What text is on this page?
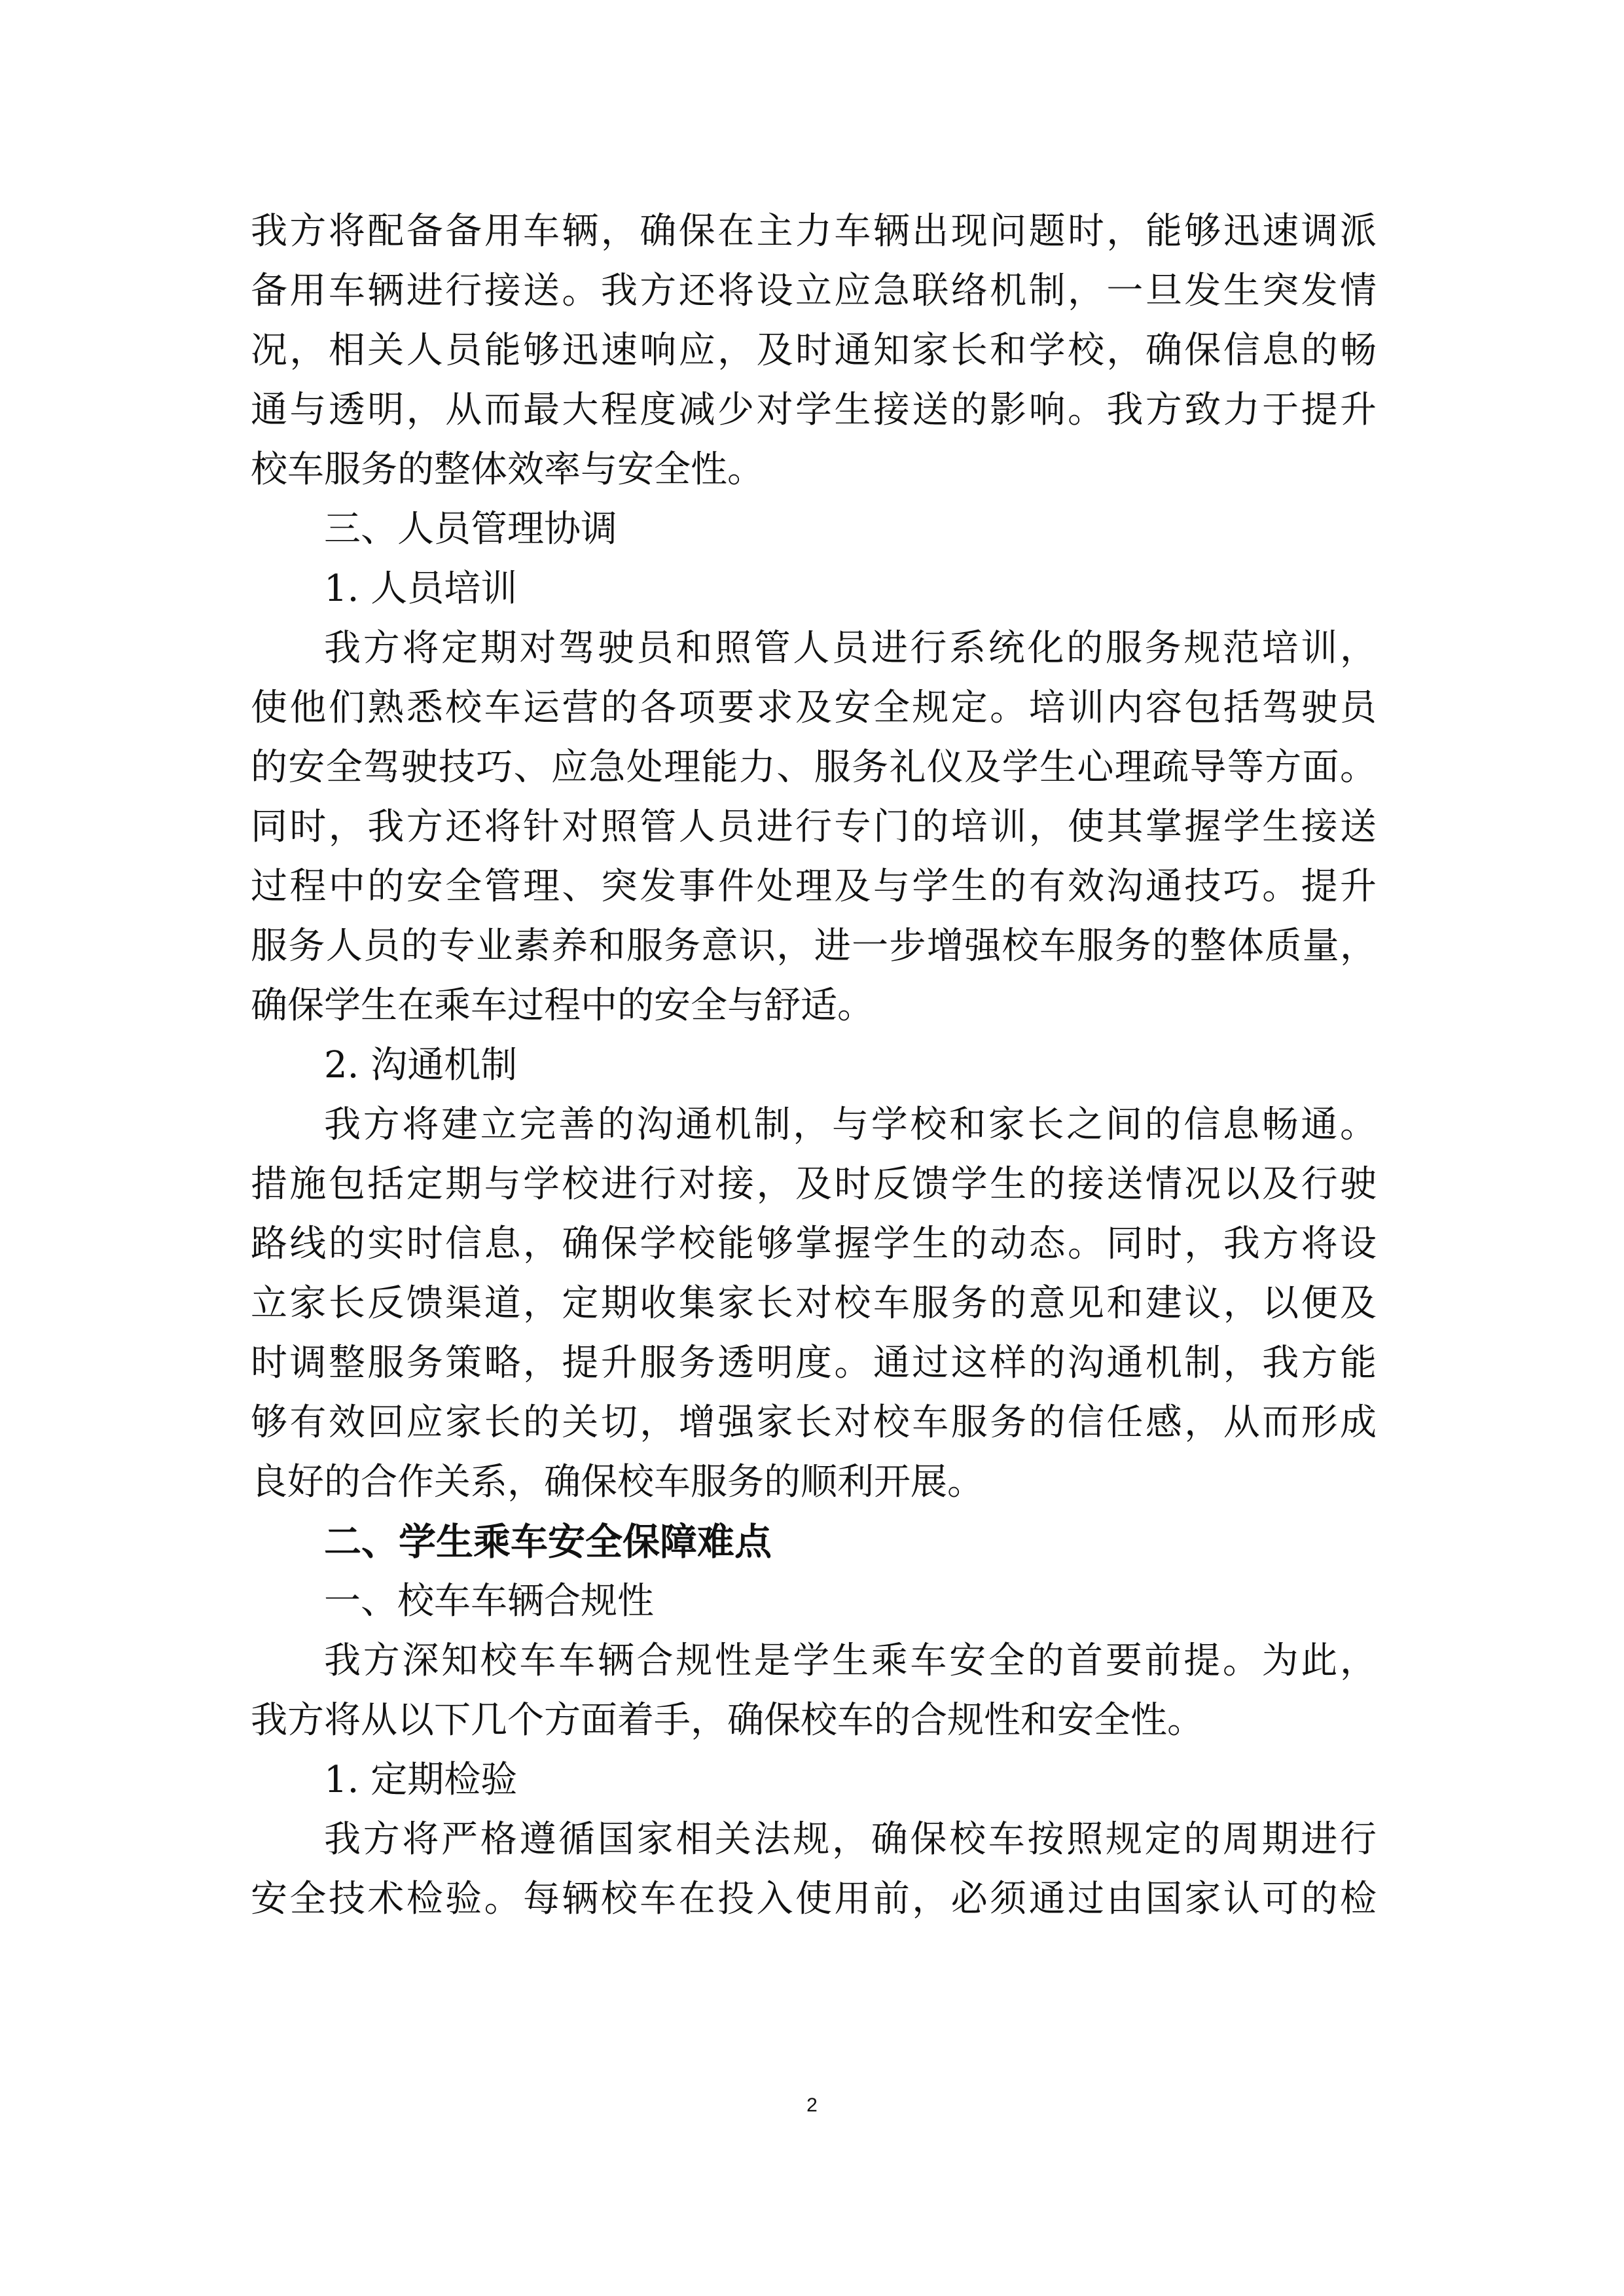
我方将配备备用车辆，确保在主力车辆出现问题时，能够迅速调派
备用车辆进行接送。我方还将设立应急联络机制，一旦发生突发情
况，相关人员能够迅速响应，及时通知家长和学校，确保信息的畅
通与透明，从而最大程度减少对学生接送的影响。我方致力于提升
校车服务的整体效率与安全性。
三、人员管理协调
1. 人员培训
我方将定期对驾驶员和照管人员进行系统化的服务规范培训，
使他们熟悉校车运营的各项要求及安全规定。培训内容包括驾驶员
的安全驾驶技巧、应急处理能力、服务礼仪及学生心理疏导等方面。
同时，我方还将针对照管人员进行专门的培训，使其掌握学生接送
过程中的安全管理、突发事件处理及与学生的有效沟通技巧。提升
服务人员的专业素养和服务意识，进一步增强校车服务的整体质量，
确保学生在乘车过程中的安全与舒适。
2. 沟通机制
我方将建立完善的沟通机制，与学校和家长之间的信息畅通。
措施包括定期与学校进行对接，及时反馈学生的接送情况以及行驶
路线的实时信息，确保学校能够掌握学生的动态。同时，我方将设
立家长反馈渠道，定期收集家长对校车服务的意见和建议，以便及
时调整服务策略，提升服务透明度。通过这样的沟通机制，我方能
够有效回应家长的关切，增强家长对校车服务的信任感，从而形成
良好的合作关系，确保校车服务的顺利开展。
二、学生乘车安全保障难点
一、校车车辆合规性
我方深知校车车辆合规性是学生乘车安全的首要前提。为此，
我方将从以下几个方面着手，确保校车的合规性和安全性。
1. 定期检验
我方将严格遵循国家相关法规，确保校车按照规定的周期进行
安全技术检验。每辆校车在投入使用前，必须通过由国家认可的检
2
